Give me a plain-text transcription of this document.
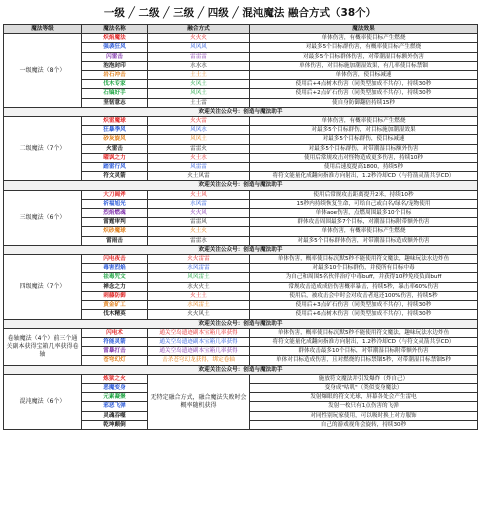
一级 ╱ 二级 ╱ 三级 ╱ 四级 ╱ 混沌魔法 融合方式（38个）
魔法等级	魔法名称	融合方式	魔法效果
一级魔法（8个）	炽焰魔法	火火火	单体伤害，有概率使目标产生燃烧
	强袭狂风	风风风	对最多5个目标群伤害，有概率使目标产生燃烧
	闪雷击	雷雷雷	对最多5个目标群体伤害，对带潮湿目标额外伤害
	泡泡封印	水水水	单体伤害，对目标施加潮湿效果，有几率使目标禁锢
	岩石冲击	土土土	单体伤害，使目标减速
	伐木专家	火风土	使用后+4点树木伤害（同类型加成不共存），持续30秒
	石镐好手	风风土	使用后+2点矿石伤害（同类型加成不共存），持续30秒
	坚韧意志	土土雷	使自身防御翻倍持续15秒
欢迎关注公众号：创造与魔法助手			
二级魔法（7个）	炽雷魔球	火火雷	单体伤害，有概率使目标产生燃烧
	狂暴季风	风风水	对最多5个目标群伤，对目标施加潮湿效果
	砂灰旋风	风风土	对最多5个目标群伤，使目标减速
	火雷击	雷雷火	对最多5个目标群伤，对带潮湿目标额外伤害
	曜讽之力	火土水	使用后常规攻击对怪物造成更多伤害，持续10秒
	踏雷行风	风雷雷	使用后速度提高1800，持续5秒
	符文灵箭	火土风雷	将符文能量化成翻向指准方向射出，1.2秒冷却CD（与符箭灵箭共享CD）
欢迎关注公众号：创造与魔法助手			
三级魔法（6个）	大刀阔斧	火土风	使用后常规攻击距离提升2米，持续10秒
	祈福旭光	水风雷	15秒内持续恢复生命，可给自己或白名/绿名/宠物使用
	烈焰燃魂	火火风	单体aoe伤害，点燃周围最多10个目标
	雷霆审判	雷雷风	群体攻击周围最多7个目标，对潮湿目标附带额外伤害
	炽砂魔球	火土火	单体伤害，有概率使目标产生燃烧
	雷雨击	雷雷水	对最多5个目标群体伤害，对带潮湿目标造成额外伤害
欢迎关注公众号：创造与魔法助手			
四级魔法（7个）	闪电夜击	火火雷雷	单体伤害，概率使目标沉默5秒不能使用符文魔法，趣味玩法水边炸鱼
	毒害烈焰	水风雷雷	对最多10个目标群伤，并使所有目标中毒
	祛毒咒文	风风雷土	为自己和周围5名伙伴治疗中毒buff，并获得10秒免疫负面buff
	禅念之力	水火火土	常规攻击造成成倍伤害概率暴击，持续5秒，暴击率60%伤害
	刺藤防御	火土土	使用后，被攻击会中时会对攻击者返还100%伤害，持续5秒
	黄金矿工	水风雷土	使用后+3点矿石伤害（同类型加成不共存），持续30秒
	伐木精英	火火风土	使用后+6点树木伤害（同类型加成不共存），持续30秒
欢迎关注公众号：创造与魔法助手			
卷轴魔法（4个）前三个通关副本获得宝箱几率获得卷轴	闪电术	通关空岛遗迹副本宝箱几率获得	单体伤害，概率使目标沉默5秒不能使用符文魔法，趣味玩法水边炸鱼
	符能灵箭	通关空岛遗迹副本宝箱几率获得	将符文能量化成翻向指准方向射出，1.2秒冷却CD（与符文灵箭共享CD）
	雷暴打击	通关空岛遗迹副本宝箱几率获得	群体攻击最多10个目标，对带潮湿目标附带额外伤害
	苍穹幻灯	击杀苍穹幻龙获得，绑定卷轴	单体对目标造成伤害，且对燃烧的目标禁锢5秒，对带潮湿目标禁锢5秒
欢迎关注公众号：创造与魔法助手			
混沌魔法（6个）	炼狱之火	无特定融合方式，融合魔法失败时会概率随机获得	施放符文魔法并引发爆炸（炸自己）
	恶魔变身		变身成"咕叽"（类似变身魔法）
	元素凝聚		发射爆眼的符文光球，屏幕各处会产生雷电
	邪恶飞弹		发射一枚只有1点伤害的飞弹
	灵魂吞噬		对同性别玩家使用，可以吸时换上对方服饰
	乾坤颠倒		自己的游戏视角会旋转，持续30秒
